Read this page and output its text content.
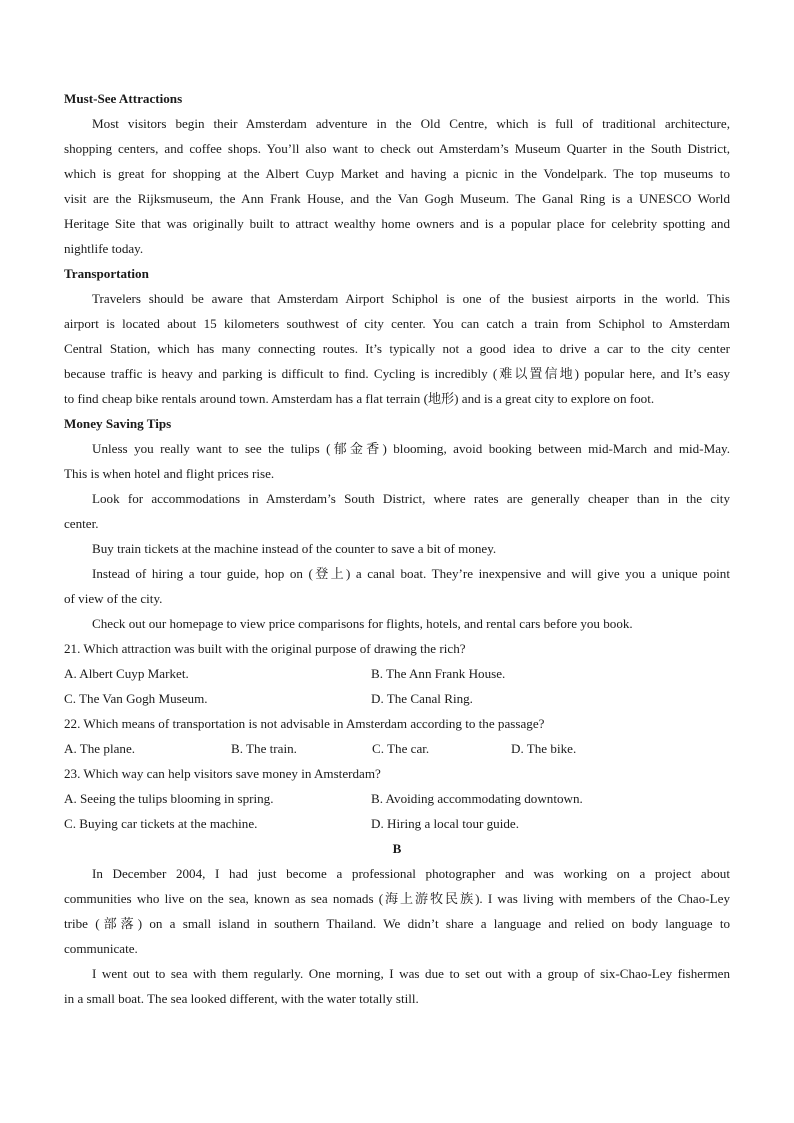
Must-See Attractions
Most visitors begin their Amsterdam adventure in the Old Centre, which is full of traditional architecture,
shopping centers, and coffee shops. You’ll also want to check out Amsterdam’s Museum Quarter in the South District,
which is great for shopping at the Albert Cuyp Market and having a picnic in the Vondelpark. The top museums to
visit are the Rijksmuseum, the Ann Frank House, and the Van Gogh Museum. The Ganal Ring is a UNESCO World
Heritage Site that was originally built to attract wealthy home owners and is a popular place for celebrity spotting and
nightlife today.
Transportation
Travelers should be aware that Amsterdam Airport Schiphol is one of the busiest airports in the world. This
airport is located about 15 kilometers southwest of city center. You can catch a train from Schiphol to Amsterdam
Central Station, which has many connecting routes. It’s typically not a good idea to drive a car to the city center
because traffic is heavy and parking is difficult to find. Cycling is incredibly (难以置信地) popular here, and It’s easy
to find cheap bike rentals around town. Amsterdam has a flat terrain (地形) and is a great city to explore on foot.
Money Saving Tips
Unless you really want to see the tulips (郁金香) blooming, avoid booking between mid-March and mid-May.
This is when hotel and flight prices rise.
Look for accommodations in Amsterdam’s South District, where rates are generally cheaper than in the city
center.
Buy train tickets at the machine instead of the counter to save a bit of money.
Instead of hiring a tour guide, hop on (登上) a canal boat. They’re inexpensive and will give you a unique point
of view of the city.
Check out our homepage to view price comparisons for flights, hotels, and rental cars before you book.
21. Which attraction was built with the original purpose of drawing the rich?
A. Albert Cuyp Market.	B. The Ann Frank House.
C. The Van Gogh Museum.	D. The Canal Ring.
22. Which means of transportation is not advisable in Amsterdam according to the passage?
A. The plane.	B. The train.	C. The car.	D. The bike.
23. Which way can help visitors save money in Amsterdam?
A. Seeing the tulips blooming in spring.	B. Avoiding accommodating downtown.
C. Buying car tickets at the machine.	D. Hiring a local tour guide.
B
In December 2004, I had just become a professional photographer and was working on a project about
communities who live on the sea, known as sea nomads (海上游牧民族). I was living with members of the Chao-Ley
tribe (部落) on a small island in southern Thailand. We didn’t share a language and relied on body language to
communicate.
I went out to sea with them regularly. One morning, I was due to set out with a group of six-Chao-Ley fishermen
in a small boat. The sea looked different, with the water totally still.
